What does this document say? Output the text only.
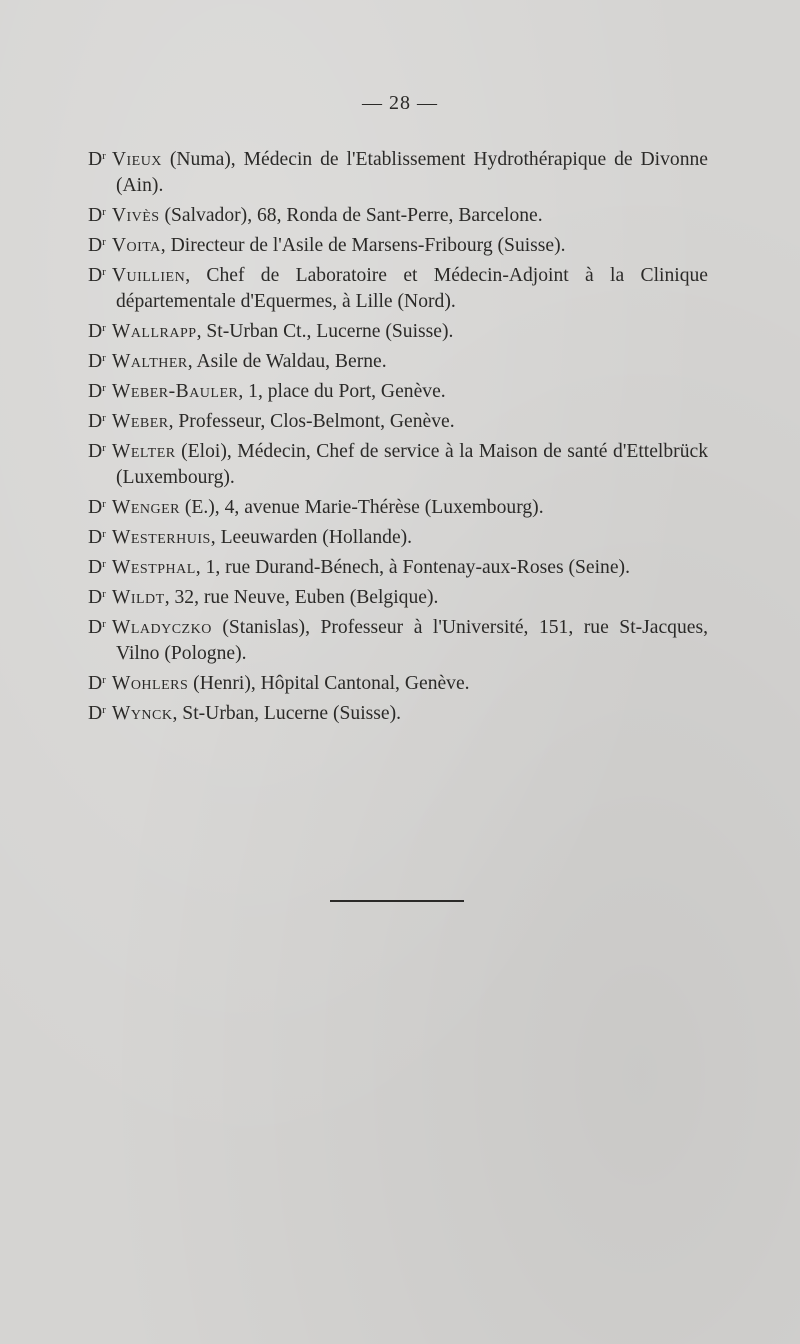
— 28 —

$D^r$ Vieux (Numa), Médecin de l'Etablissement Hydrothérapique de Divonne (Ain).

$D^r$ Vivès (Salvador), 68, Ronda de Sant-Perre, Barcelone.

$D^r$ Voita, Directeur de l'Asile de Marsens-Fribourg (Suisse).

$D^r$ Vuillien, Chef de Laboratoire et Médecin-Adjoint à la Clinique départementale d'Equermes, à Lille (Nord).

$D^r$ Wallrapp, St-Urban Ct., Lucerne (Suisse).

$D^r$ Walther, Asile de Waldau, Berne.

$D^r$ Weber-Bauler, 1, place du Port, Genève.

$D^r$ Weber, Professeur, Clos-Belmont, Genève.

$D^r$ Welter (Eloi), Médecin, Chef de service à la Maison de santé d'Ettelbrück (Luxembourg).

$D^r$ Wenger (E.), 4, avenue Marie-Thérèse (Luxembourg).

$D^r$ Westerhuis, Leeuwarden (Hollande).

$D^r$ Westphal, 1, rue Durand-Bénech, à Fontenay-aux-Roses (Seine).

$D^r$ Wildt, 32, rue Neuve, Euben (Belgique).

$D^r$ Wladyczko (Stanislas), Professeur à l'Université, 151, rue St-Jacques, Vilno (Pologne).

$D^r$ Wohlers (Henri), Hôpital Cantonal, Genève.

$D^r$ Wynck, St-Urban, Lucerne (Suisse).
